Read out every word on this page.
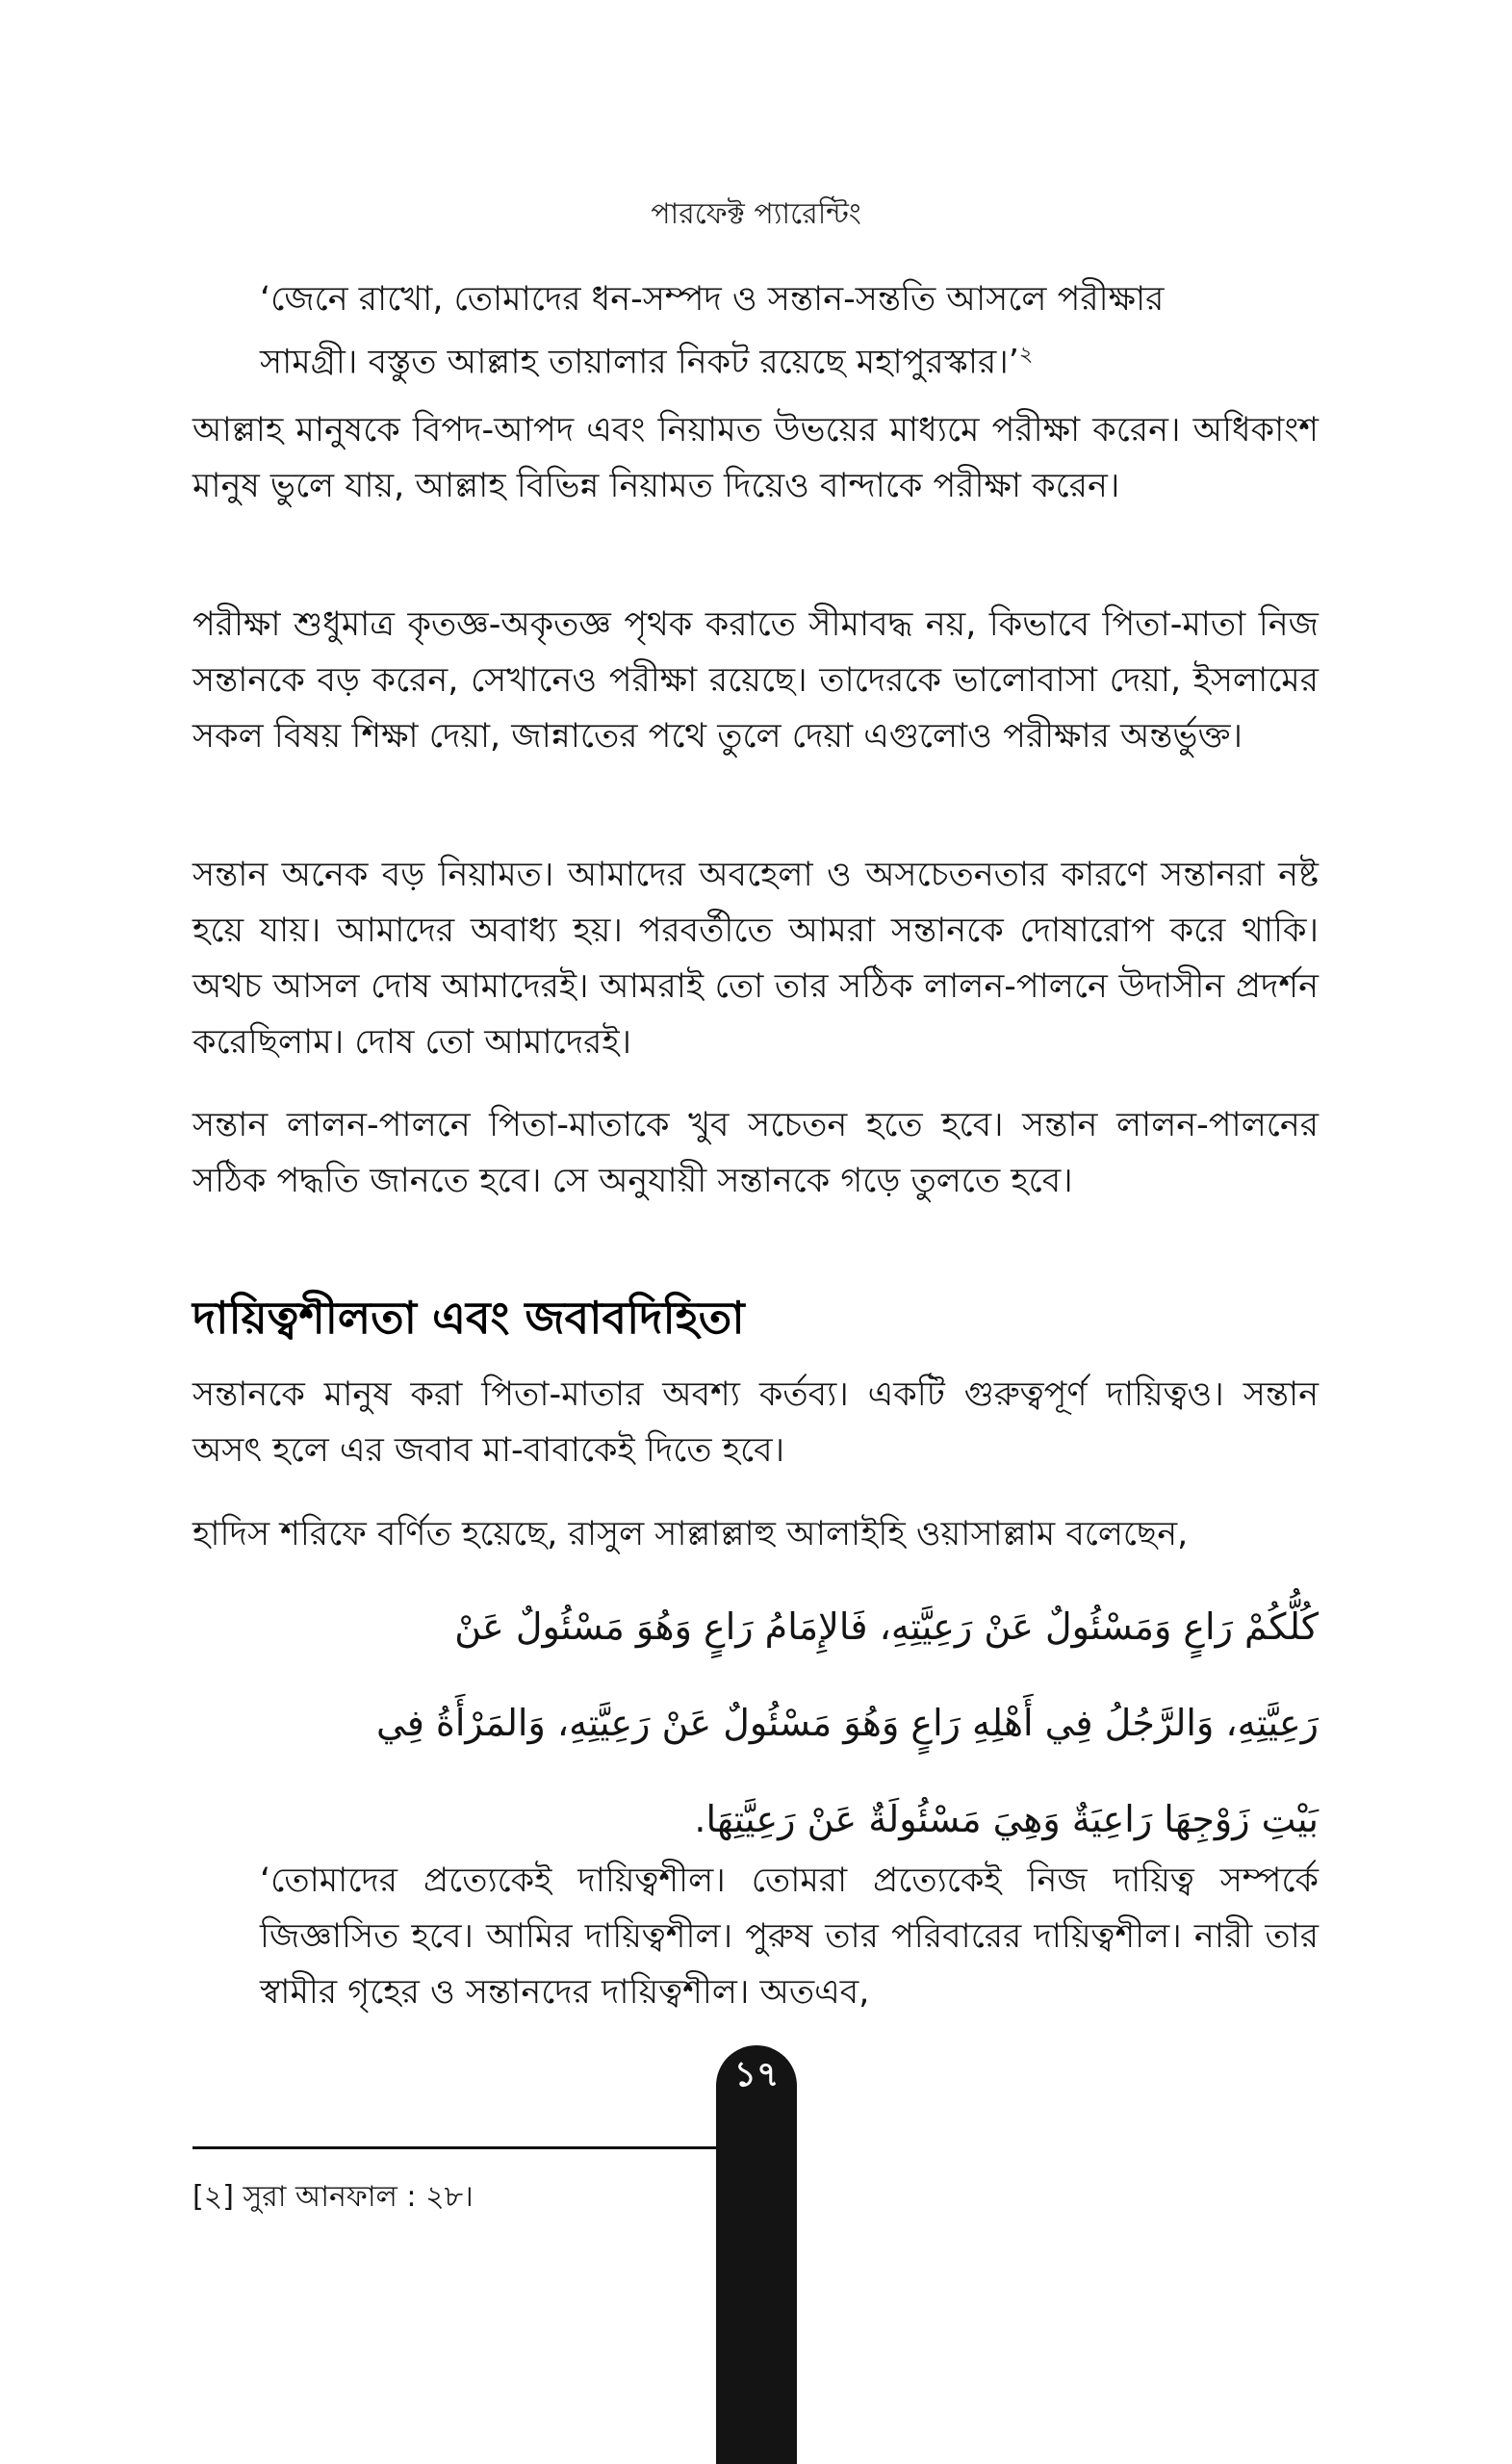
পারফেক্ট প্যারেন্টিং
‘জেনে রাখো, তোমাদের ধন-সম্পদ ও সন্তান-সন্ততি আসলে পরীক্ষার
সামগ্রী। বস্তুত আল্লাহ তায়ালার নিকট রয়েছে মহাপুরস্কার।’$^২$
আল্লাহ মানুষকে বিপদ-আপদ এবং নিয়ামত উভয়ের মাধ্যমে পরীক্ষা করেন। অধিকাংশ মানুষ ভুলে যায়, আল্লাহ বিভিন্ন নিয়ামত দিয়েও বান্দাকে পরীক্ষা করেন।
পরীক্ষা শুধুমাত্র কৃতজ্ঞ-অকৃতজ্ঞ পৃথক করাতে সীমাবদ্ধ নয়, কিভাবে পিতা-মাতা নিজ সন্তানকে বড় করেন, সেখানেও পরীক্ষা রয়েছে। তাদেরকে ভালোবাসা দেয়া, ইসলামের সকল বিষয় শিক্ষা দেয়া, জান্নাতের পথে তুলে দেয়া এগুলোও পরীক্ষার অন্তর্ভুক্ত।
সন্তান অনেক বড় নিয়ামত। আমাদের অবহেলা ও অসচেতনতার কারণে সন্তানরা নষ্ট হয়ে যায়। আমাদের অবাধ্য হয়। পরবর্তীতে আমরা সন্তানকে দোষারোপ করে থাকি। অথচ আসল দোষ আমাদেরই। আমরাই তো তার সঠিক লালন-পালনে উদাসীন প্রদর্শন করেছিলাম। দোষ তো আমাদেরই।
সন্তান লালন-পালনে পিতা-মাতাকে খুব সচেতন হতে হবে। সন্তান লালন-পালনের সঠিক পদ্ধতি জানতে হবে। সে অনুযায়ী সন্তানকে গড়ে তুলতে হবে।
দায়িত্বশীলতা এবং জবাবদিহিতা
সন্তানকে মানুষ করা পিতা-মাতার অবশ্য কর্তব্য। একটি গুরুত্বপূর্ণ দায়িত্বও। সন্তান অসৎ হলে এর জবাব মা-বাবাকেই দিতে হবে।
হাদিস শরিফে বর্ণিত হয়েছে, রাসুল সাল্লাল্লাহু আলাইহি ওয়াসাল্লাম বলেছেন,
كُلُّكُمْ رَاعٍ وَمَسْئُولٌ عَنْ رَعِيَّتِهِ، فَالإِمَامُ رَاعٍ وَهُوَ مَسْئُولٌ عَنْ
رَعِيَّتِهِ، وَالرَّجُلُ فِي أَهْلِهِ رَاعٍ وَهُوَ مَسْئُولٌ عَنْ رَعِيَّتِهِ، وَالمَرْأَةُ فِي
بَيْتِ زَوْجِهَا رَاعِيَةٌ وَهِيَ مَسْئُولَةٌ عَنْ رَعِيَّتِهَا.
‘তোমাদের প্রত্যেকেই দায়িত্বশীল। তোমরা প্রত্যেকেই নিজ দায়িত্ব সম্পর্কে জিজ্ঞাসিত হবে। আমির দায়িত্বশীল। পুরুষ তার পরিবারের দায়িত্বশীল। নারী তার স্বামীর গৃহের ও সন্তানদের দায়িত্বশীল। অতএব,
[২] সুরা আনফাল : ২৮।
১৭
